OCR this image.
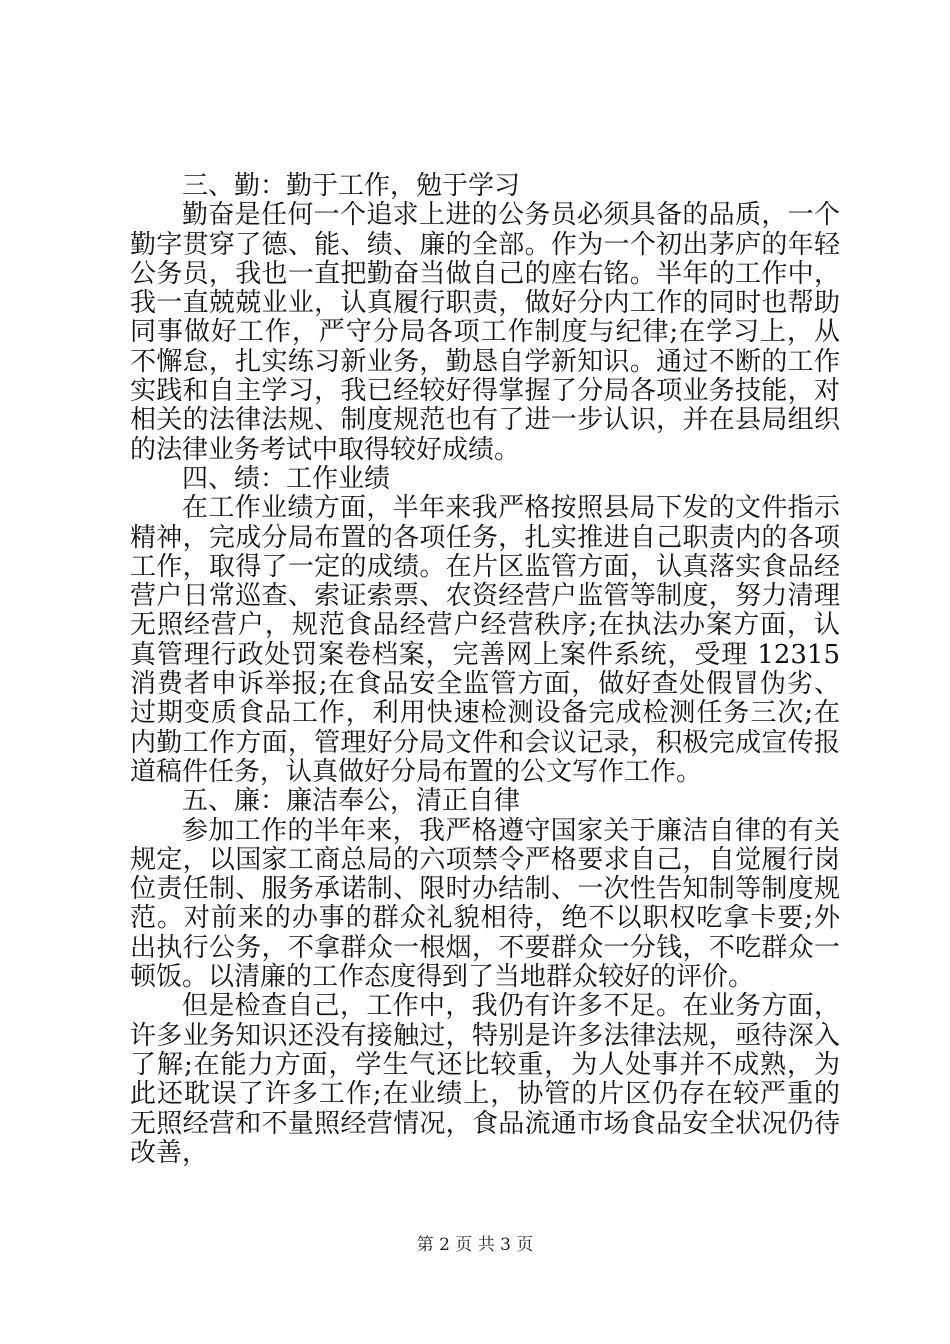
三、勤：勤于工作，勉于学习

勤奋是任何一个追求上进的公务员必须具备的品质，一个勤字贯穿了德、能、绩、廉的全部。作为一个初出茅庐的年轻公务员，我也一直把勤奋当做自己的座右铭。半年的工作中，我一直兢兢业业，认真履行职责，做好分内工作的同时也帮助同事做好工作，严守分局各项工作制度与纪律;在学习上，从不懈怠，扎实练习新业务，勤恳自学新知识。通过不断的工作实践和自主学习，我已经较好得掌握了分局各项业务技能，对相关的法律法规、制度规范也有了进一步认识，并在县局组织的法律业务考试中取得较好成绩。

四、绩：工作业绩

在工作业绩方面，半年来我严格按照县局下发的文件指示精神，完成分局布置的各项任务，扎实推进自己职责内的各项工作，取得了一定的成绩。在片区监管方面，认真落实食品经营户日常巡查、索证索票、农资经营户监管等制度，努力清理无照经营户，规范食品经营户经营秩序;在执法办案方面，认真管理行政处罚案卷档案，完善网上案件系统，受理 12315 消费者申诉举报;在食品安全监管方面，做好查处假冒伪劣、过期变质食品工作，利用快速检测设备完成检测任务三次;在内勤工作方面，管理好分局文件和会议记录，积极完成宣传报道稿件任务，认真做好分局布置的公文写作工作。

五、廉：廉洁奉公，清正自律

参加工作的半年来，我严格遵守国家关于廉洁自律的有关规定，以国家工商总局的六项禁令严格要求自己，自觉履行岗位责任制、服务承诺制、限时办结制、一次性告知制等制度规范。对前来的办事的群众礼貌相待，绝不以职权吃拿卡要;外出执行公务，不拿群众一根烟，不要群众一分钱，不吃群众一顿饭。以清廉的工作态度得到了当地群众较好的评价。

但是检查自己，工作中，我仍有许多不足。在业务方面，许多业务知识还没有接触过，特别是许多法律法规，亟待深入了解;在能力方面，学生气还比较重，为人处事并不成熟，为此还耽误了许多工作;在业绩上，协管的片区仍存在较严重的无照经营和不量照经营情况，食品流通市场食品安全状况仍待改善，

第 2 页 共 3 页
